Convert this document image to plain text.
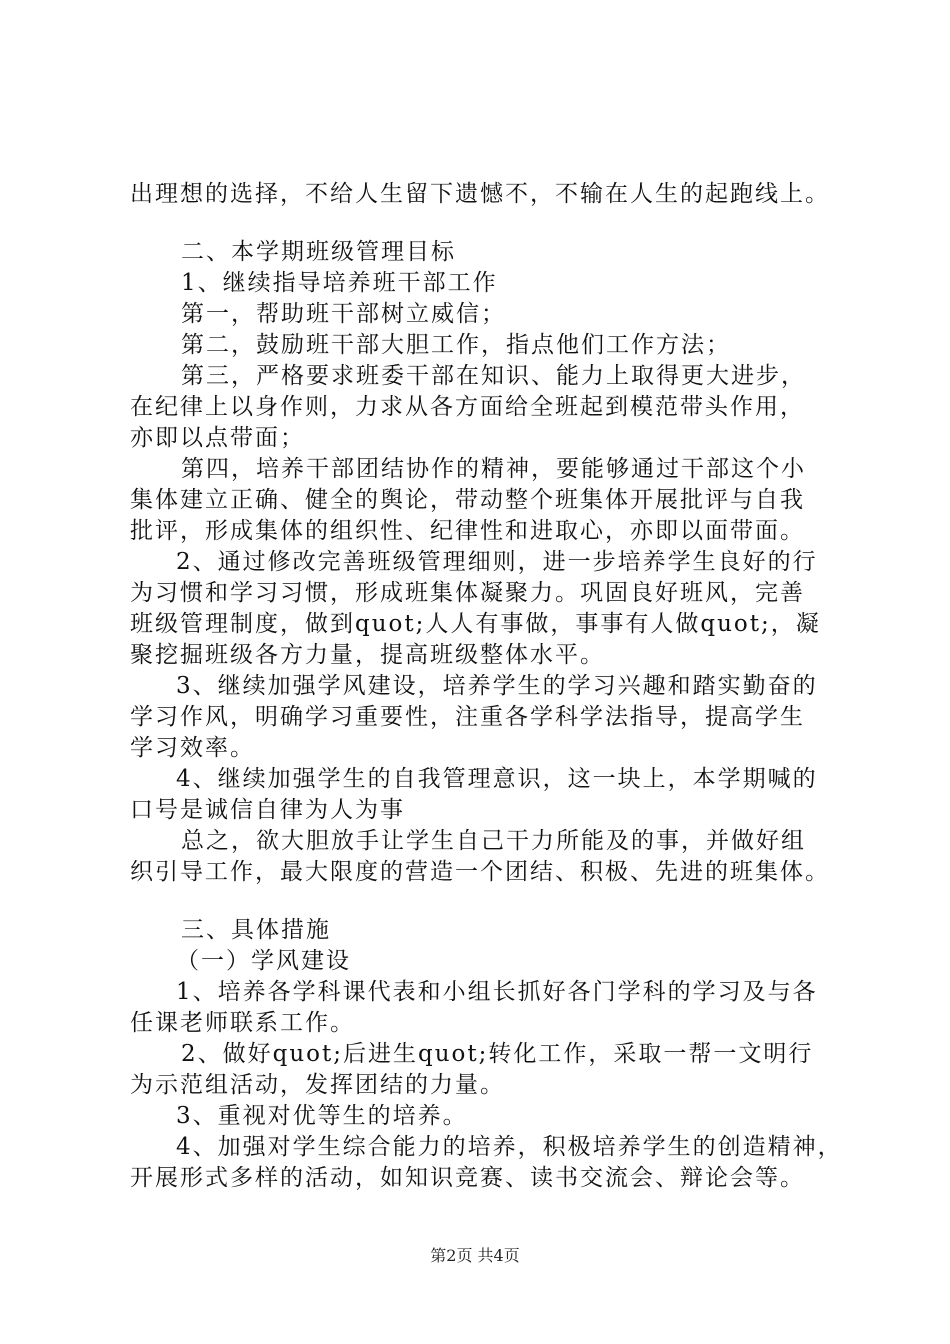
出理想的选择，不给人生留下遗憾不，不输在人生的起跑线上。
二、本学期班级管理目标
1、继续指导培养班干部工作
第一，帮助班干部树立威信；
第二，鼓励班干部大胆工作，指点他们工作方法；
第三，严格要求班委干部在知识、能力上取得更大进步，
在纪律上以身作则，力求从各方面给全班起到模范带头作用，
亦即以点带面；
第四，培养干部团结协作的精神，要能够通过干部这个小
集体建立正确、健全的舆论，带动整个班集体开展批评与自我
批评，形成集体的组织性、纪律性和进取心，亦即以面带面。
2、通过修改完善班级管理细则，进一步培养学生良好的行
为习惯和学习习惯，形成班集体凝聚力。巩固良好班风，完善
班级管理制度，做到quot;人人有事做，事事有人做quot;，凝
聚挖掘班级各方力量，提高班级整体水平。
3、继续加强学风建设，培养学生的学习兴趣和踏实勤奋的
学习作风，明确学习重要性，注重各学科学法指导，提高学生
学习效率。
4、继续加强学生的自我管理意识，这一块上，本学期喊的
口号是诚信自律为人为事
总之，欲大胆放手让学生自己干力所能及的事，并做好组
织引导工作，最大限度的营造一个团结、积极、先进的班集体。
三、具体措施
（一）学风建设
1、培养各学科课代表和小组长抓好各门学科的学习及与各
任课老师联系工作。
2、做好quot;后进生quot;转化工作，采取一帮一文明行
为示范组活动，发挥团结的力量。
3、重视对优等生的培养。
4、加强对学生综合能力的培养，积极培养学生的创造精神，
开展形式多样的活动，如知识竞赛、读书交流会、辩论会等。
第2页 共4页
